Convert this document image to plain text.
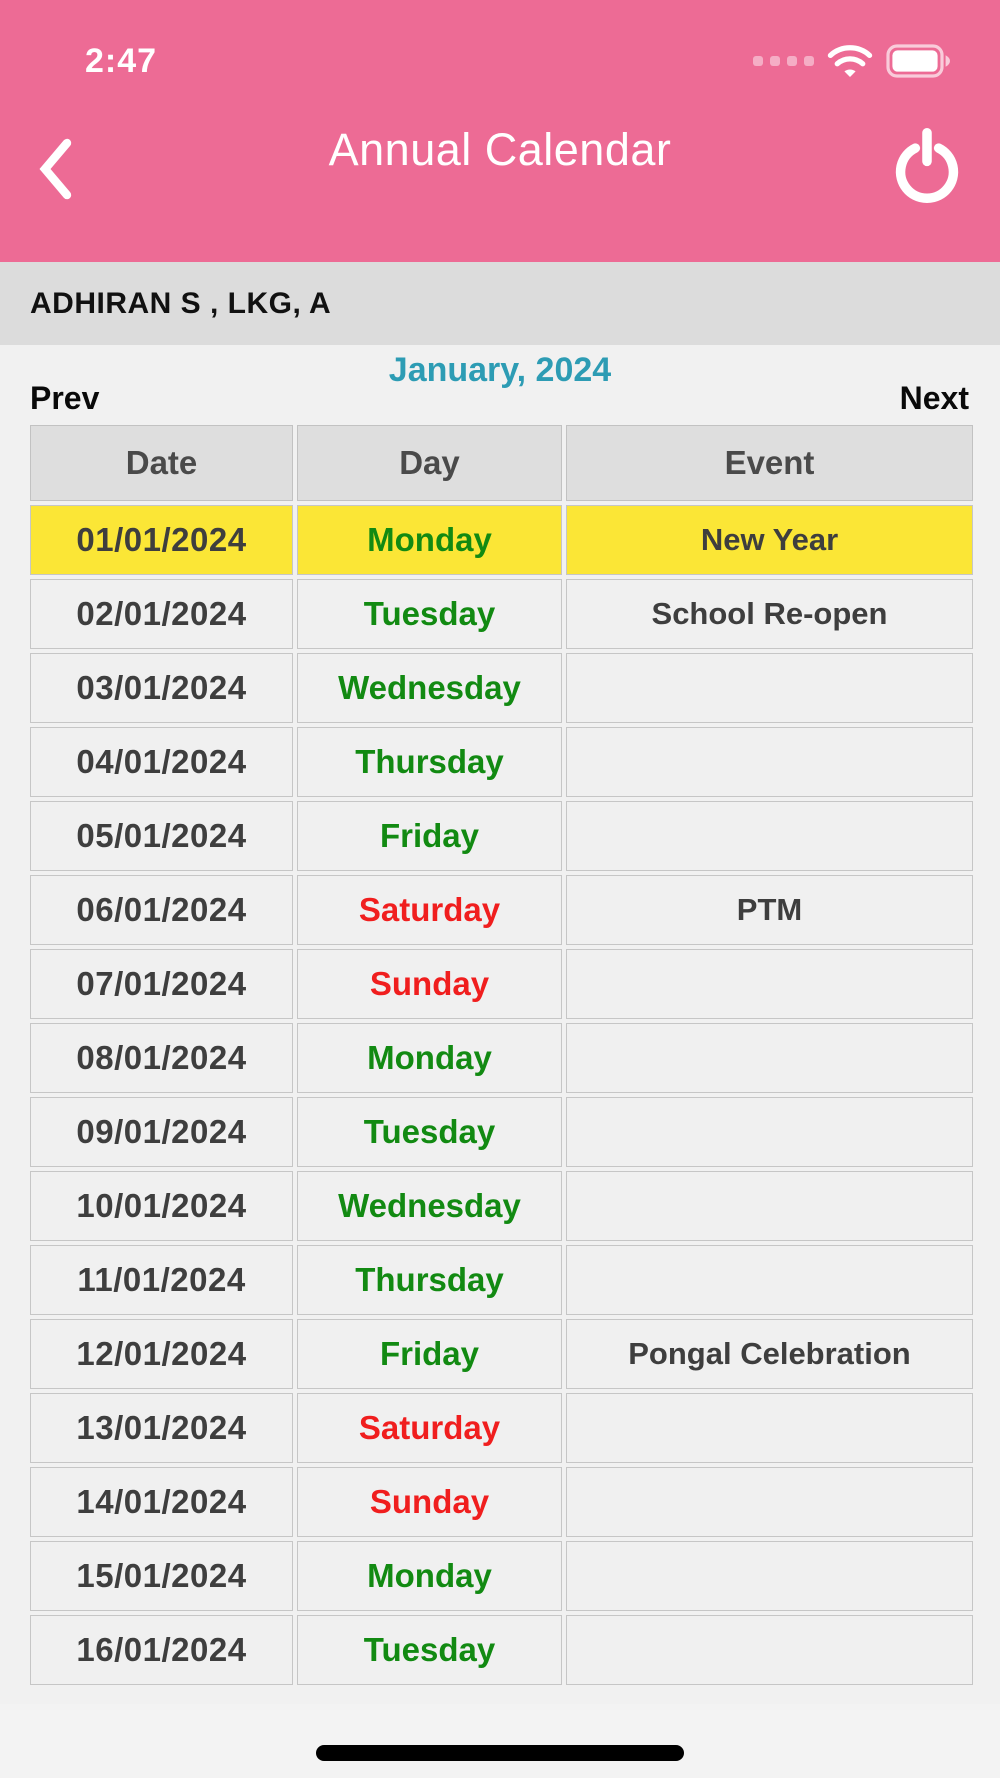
2:47
Annual Calendar
ADHIRAN S , LKG, A
January, 2024
Prev	Next
Date	Day	Event
01/01/2024	Monday	New Year
02/01/2024	Tuesday	School Re-open
03/01/2024	Wednesday	
04/01/2024	Thursday	
05/01/2024	Friday	
06/01/2024	Saturday	PTM
07/01/2024	Sunday	
08/01/2024	Monday	
09/01/2024	Tuesday	
10/01/2024	Wednesday	
11/01/2024	Thursday	
12/01/2024	Friday	Pongal Celebration
13/01/2024	Saturday	
14/01/2024	Sunday	
15/01/2024	Monday	
16/01/2024	Tuesday	
